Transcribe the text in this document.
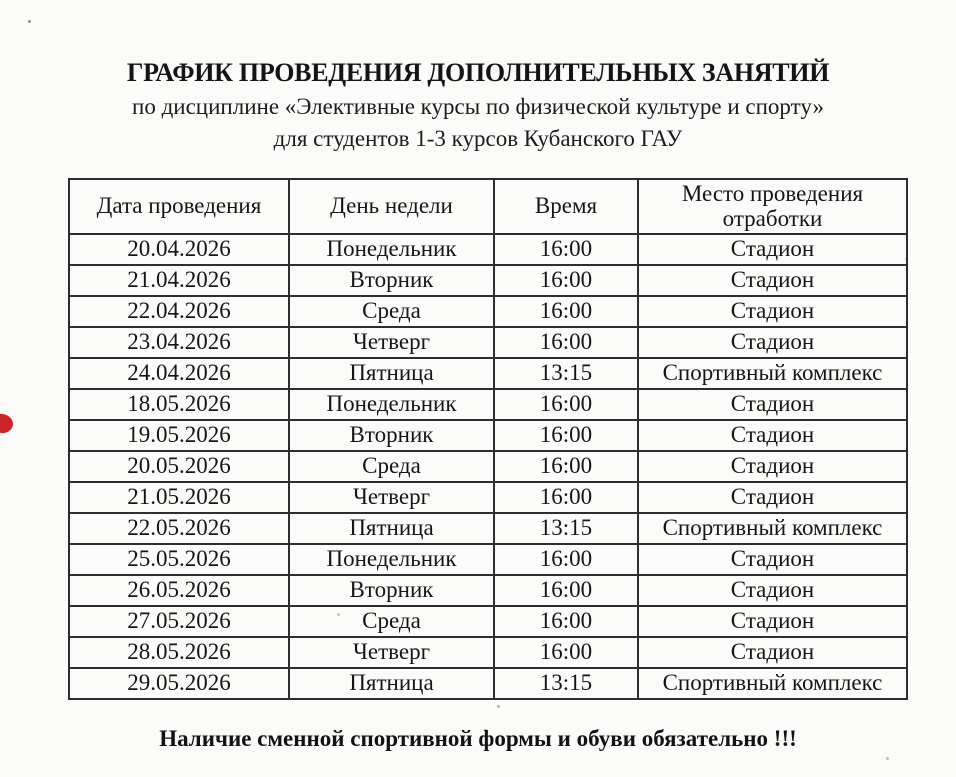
ГРАФИК ПРОВЕДЕНИЯ ДОПОЛНИТЕЛЬНЫХ ЗАНЯТИЙ
по дисциплине «Элективные курсы по физической культуре и спорту»
для студентов 1-3 курсов Кубанского ГАУ
Дата проведения	День недели	Время	Место проведения отработки
20.04.2026	Понедельник	16:00	Стадион
21.04.2026	Вторник	16:00	Стадион
22.04.2026	Среда	16:00	Стадион
23.04.2026	Четверг	16:00	Стадион
24.04.2026	Пятница	13:15	Спортивный комплекс
18.05.2026	Понедельник	16:00	Стадион
19.05.2026	Вторник	16:00	Стадион
20.05.2026	Среда	16:00	Стадион
21.05.2026	Четверг	16:00	Стадион
22.05.2026	Пятница	13:15	Спортивный комплекс
25.05.2026	Понедельник	16:00	Стадион
26.05.2026	Вторник	16:00	Стадион
27.05.2026	Среда	16:00	Стадион
28.05.2026	Четверг	16:00	Стадион
29.05.2026	Пятница	13:15	Спортивный комплекс
Наличие сменной спортивной формы и обуви обязательно !!!
